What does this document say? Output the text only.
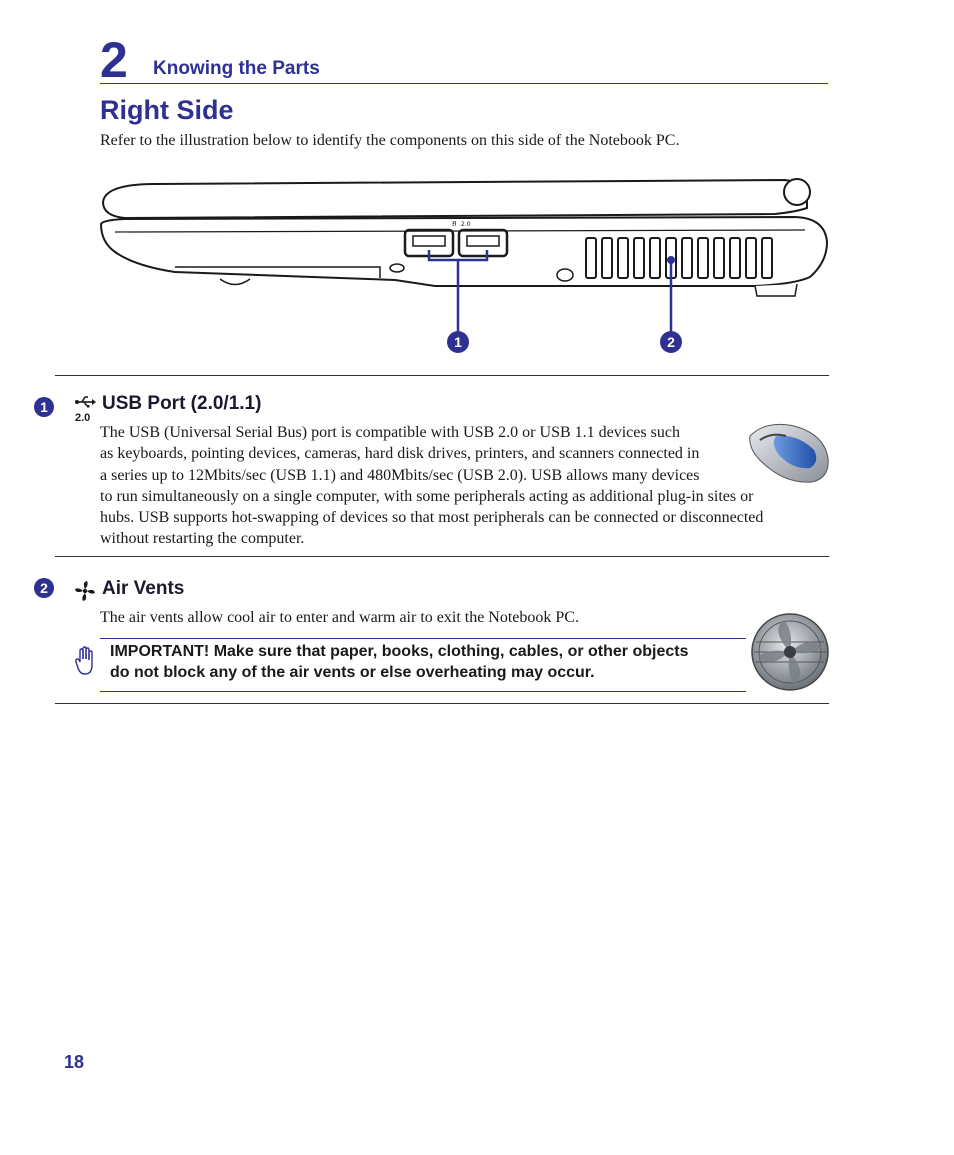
2 Knowing the Parts
Right Side
Refer to the illustration below to identify the components on this side of the Notebook PC.
⭿ 2.0
1	2
1
2.0
USB Port (2.0/1.1)
The USB (Universal Serial Bus) port is compatible with USB 2.0 or USB 1.1 devices such
as keyboards, pointing devices, cameras, hard disk drives, printers, and scanners connected in
a series up to 12Mbits/sec (USB 1.1) and 480Mbits/sec (USB 2.0). USB allows many devices
to run simultaneously on a single computer, with some peripherals acting as additional plug-in sites or
hubs. USB supports hot-swapping of devices so that most peripherals can be connected or disconnected
without restarting the computer.
2	Air Vents
The air vents allow cool air to enter and warm air to exit the Notebook PC.
IMPORTANT! Make sure that paper, books, clothing, cables, or other objects
do not block any of the air vents or else overheating may occur.
18
